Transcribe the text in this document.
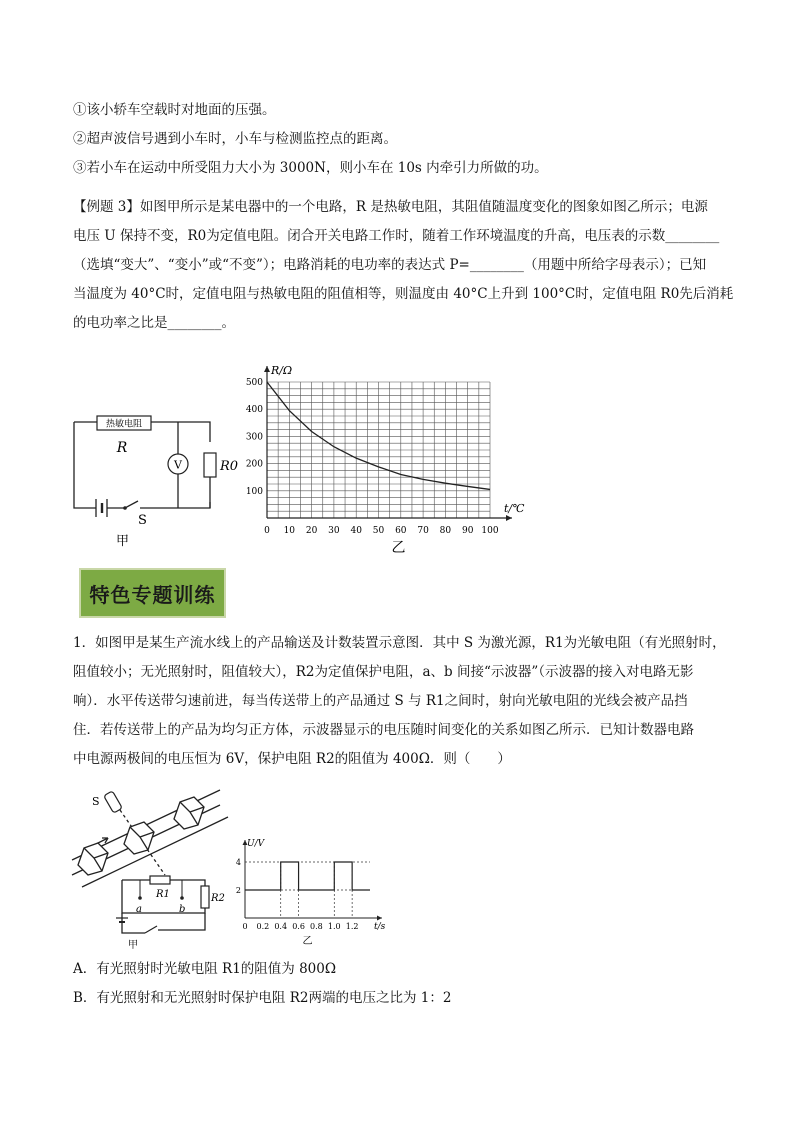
①该小轿车空载时对地面的压强。
②超声波信号遇到小车时，小车与检测监控点的距离。
③若小车在运动中所受阻力大小为 3000N，则小车在 10s 内牵引力所做的功。
【例题 3】如图甲所示是某电器中的一个电路，R 是热敏电阻，其阻值随温度变化的图象如图乙所示；电源
电压 U 保持不变，R0为定值电阻。闭合开关电路工作时，随着工作环境温度的升高，电压表的示数________
（选填“变大”、“变小”或“不变”）；电路消耗的电功率的表达式 P=________（用题中所给字母表示）；已知
当温度为 40°C时，定值电阻与热敏电阻的阻值相等，则温度由 40°C上升到 100°C时，定值电阻 R0先后消耗
的电功率之比是________。
热敏电阻
R
V	R0
S
甲
0 10 20 30 40 50 60 70 80 90 100
100
200
300
400
500
R/Ω
t/℃
乙
特色专题训练
1．如图甲是某生产流水线上的产品输送及计数装置示意图．其中 S 为激光源，R1为光敏电阻（有光照射时，
阻值较小；无光照射时，阻值较大），R2为定值保护电阻，a、b 间接“示波器”（示波器的接入对电路无影
响）．水平传送带匀速前进，每当传送带上的产品通过 S 与 R1之间时，射向光敏电阻的光线会被产品挡
住．若传送带上的产品为均匀正方体，示波器显示的电压随时间变化的关系如图乙所示．已知计数器电路
中电源两极间的电压恒为 6V，保护电阻 R2的阻值为 400Ω．则（　　）
S
R1	R2
a	b
甲
U/V
t/s
0 0.2 0.4 0.6 0.8 1.0 1.2
2
4
乙
A．有光照射时光敏电阻 R1的阻值为 800Ω
B．有光照射和无光照射时保护电阻 R2两端的电压之比为 1：2
